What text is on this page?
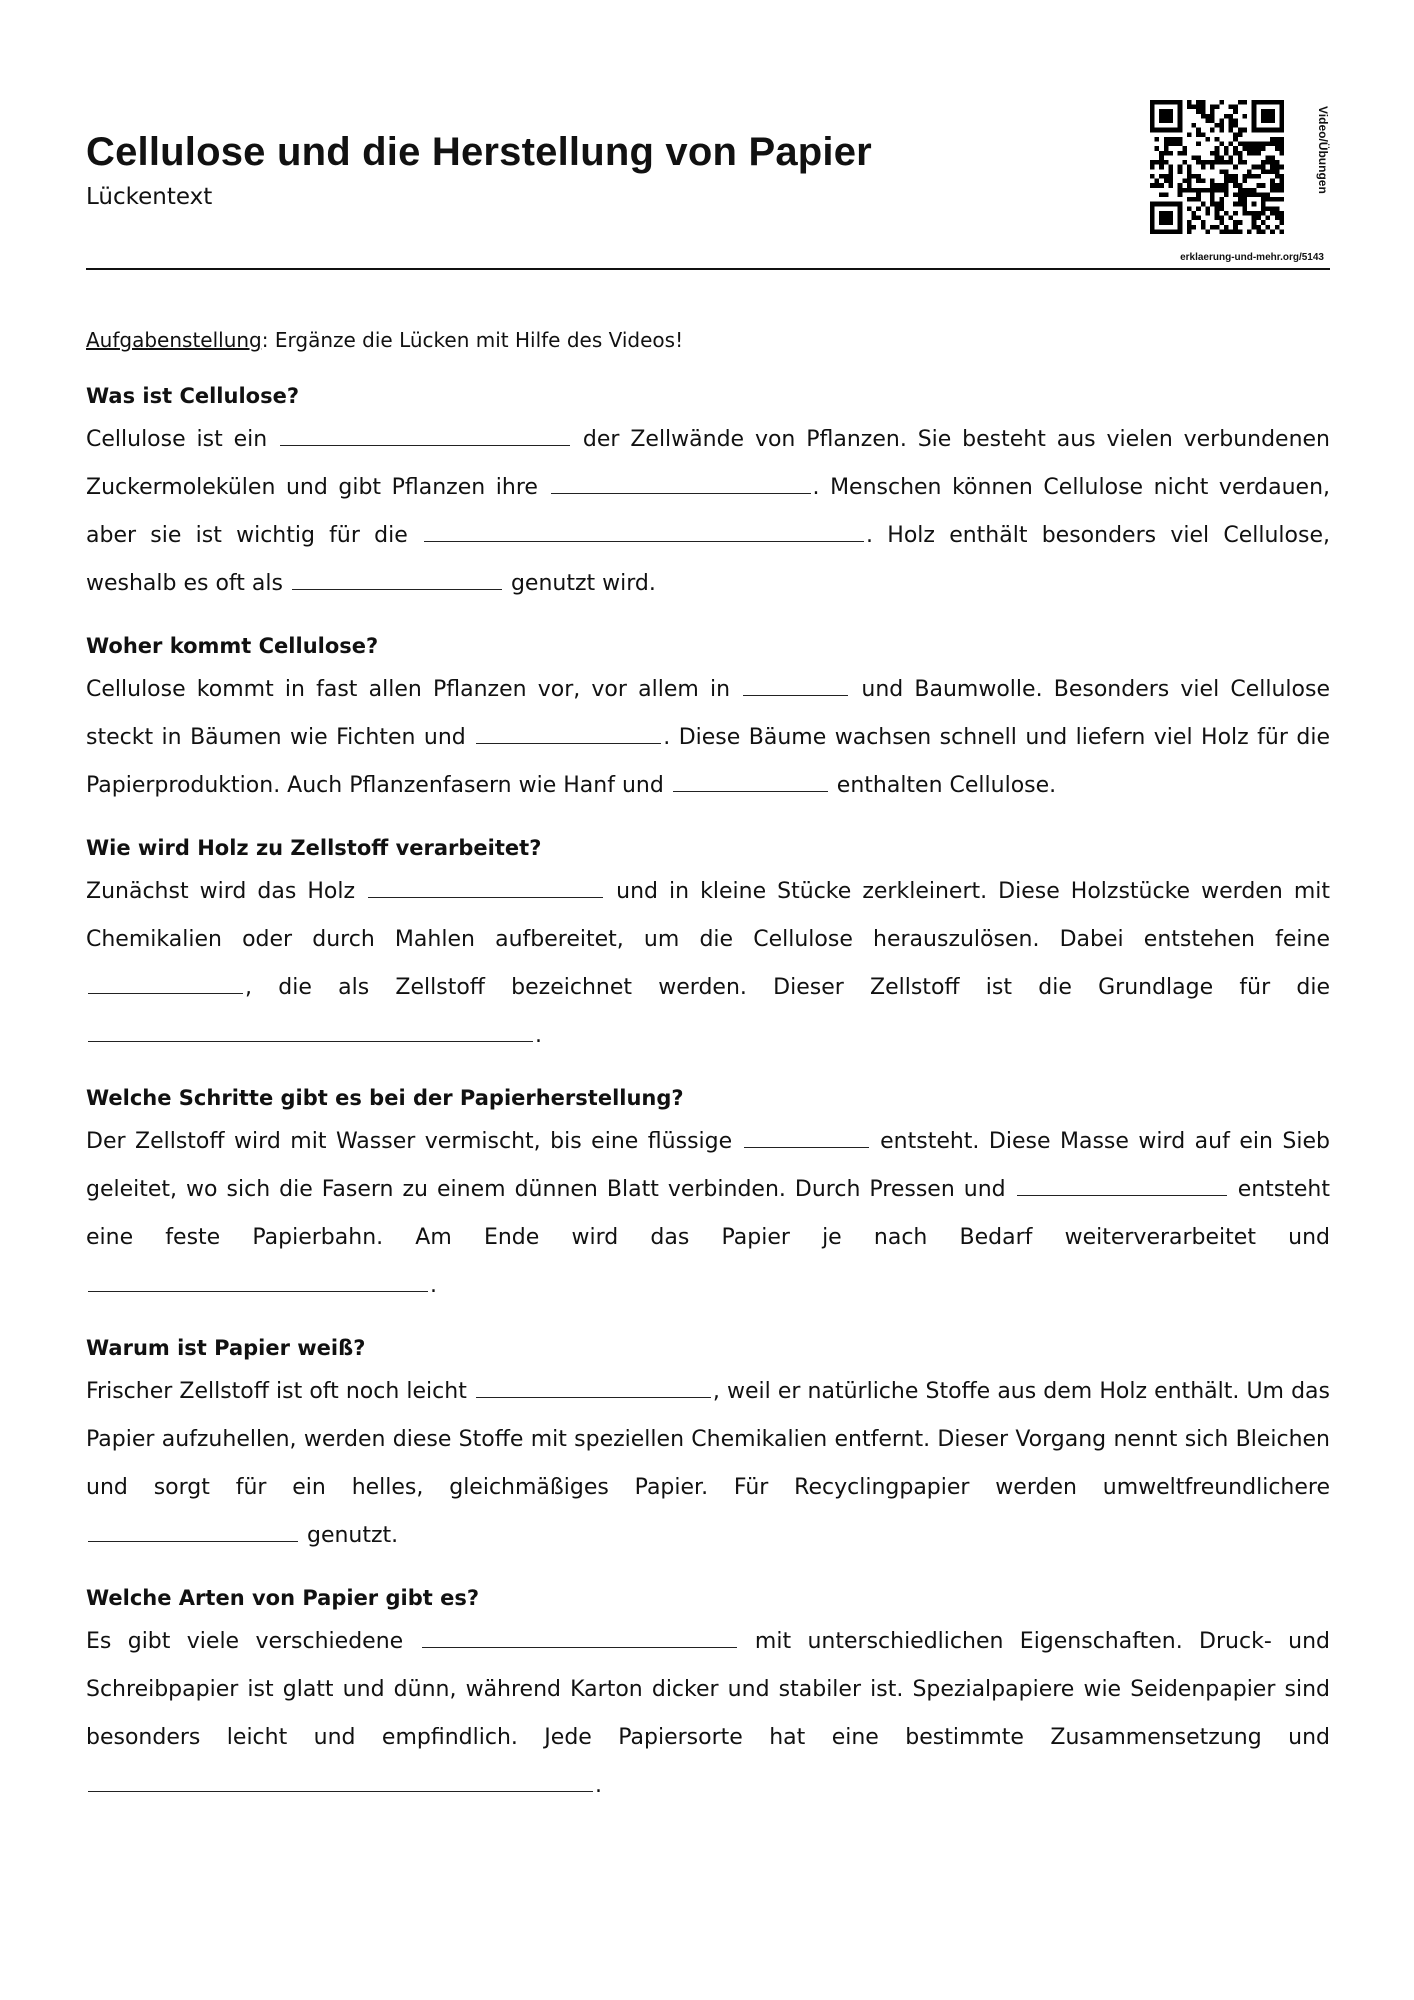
Cellulose und die Herstellung von Papier
Lückentext
Video/Übungen
erklaerung-und-mehr.org/5143

Aufgabenstellung: Ergänze die Lücken mit Hilfe des Videos!

Was ist Cellulose?

Cellulose ist ein	der Zellwände von Pflanzen. Sie besteht aus vielen verbundenen Zuckermolekülen und gibt Pflanzen ihre	. Menschen können Cellulose nicht verdauen, aber sie ist wichtig für die	. Holz enthält besonders viel Cellulose, weshalb es oft als	genutzt wird.

Woher kommt Cellulose?

Cellulose kommt in fast allen Pflanzen vor, vor allem in	und Baumwolle. Besonders viel Cellulose steckt in Bäumen wie Fichten und	. Diese Bäume wachsen schnell und liefern viel Holz für die Papierproduktion. Auch Pflanzenfasern wie Hanf und	enthalten Cellulose.

Wie wird Holz zu Zellstoff verarbeitet?

Zunächst wird das Holz	und in kleine Stücke zerkleinert. Diese Holzstücke werden mit Chemikalien oder durch Mahlen aufbereitet, um die Cellulose herauszulösen. Dabei entstehen feine , die als Zellstoff bezeichnet werden. Dieser Zellstoff ist die Grundlage für die .

Welche Schritte gibt es bei der Papierherstellung?

Der Zellstoff wird mit Wasser vermischt, bis eine flüssige	entsteht. Diese Masse wird auf ein Sieb geleitet, wo sich die Fasern zu einem dünnen Blatt verbinden. Durch Pressen und	entsteht eine feste Papierbahn. Am Ende wird das Papier je nach Bedarf weiterverarbeitet und .

Warum ist Papier weiß?

Frischer Zellstoff ist oft noch leicht	, weil er natürliche Stoffe aus dem Holz enthält. Um das Papier aufzuhellen, werden diese Stoffe mit speziellen Chemikalien entfernt. Dieser Vorgang nennt sich Bleichen und sorgt für ein helles, gleichmäßiges Papier. Für Recyclingpapier werden umweltfreundlichere  genutzt.

Welche Arten von Papier gibt es?

Es gibt viele verschiedene	mit unterschiedlichen Eigenschaften. Druck- und Schreibpapier ist glatt und dünn, während Karton dicker und stabiler ist. Spezialpapiere wie Seidenpapier sind besonders leicht und empfindlich. Jede Papiersorte hat eine bestimmte Zusammensetzung und .
